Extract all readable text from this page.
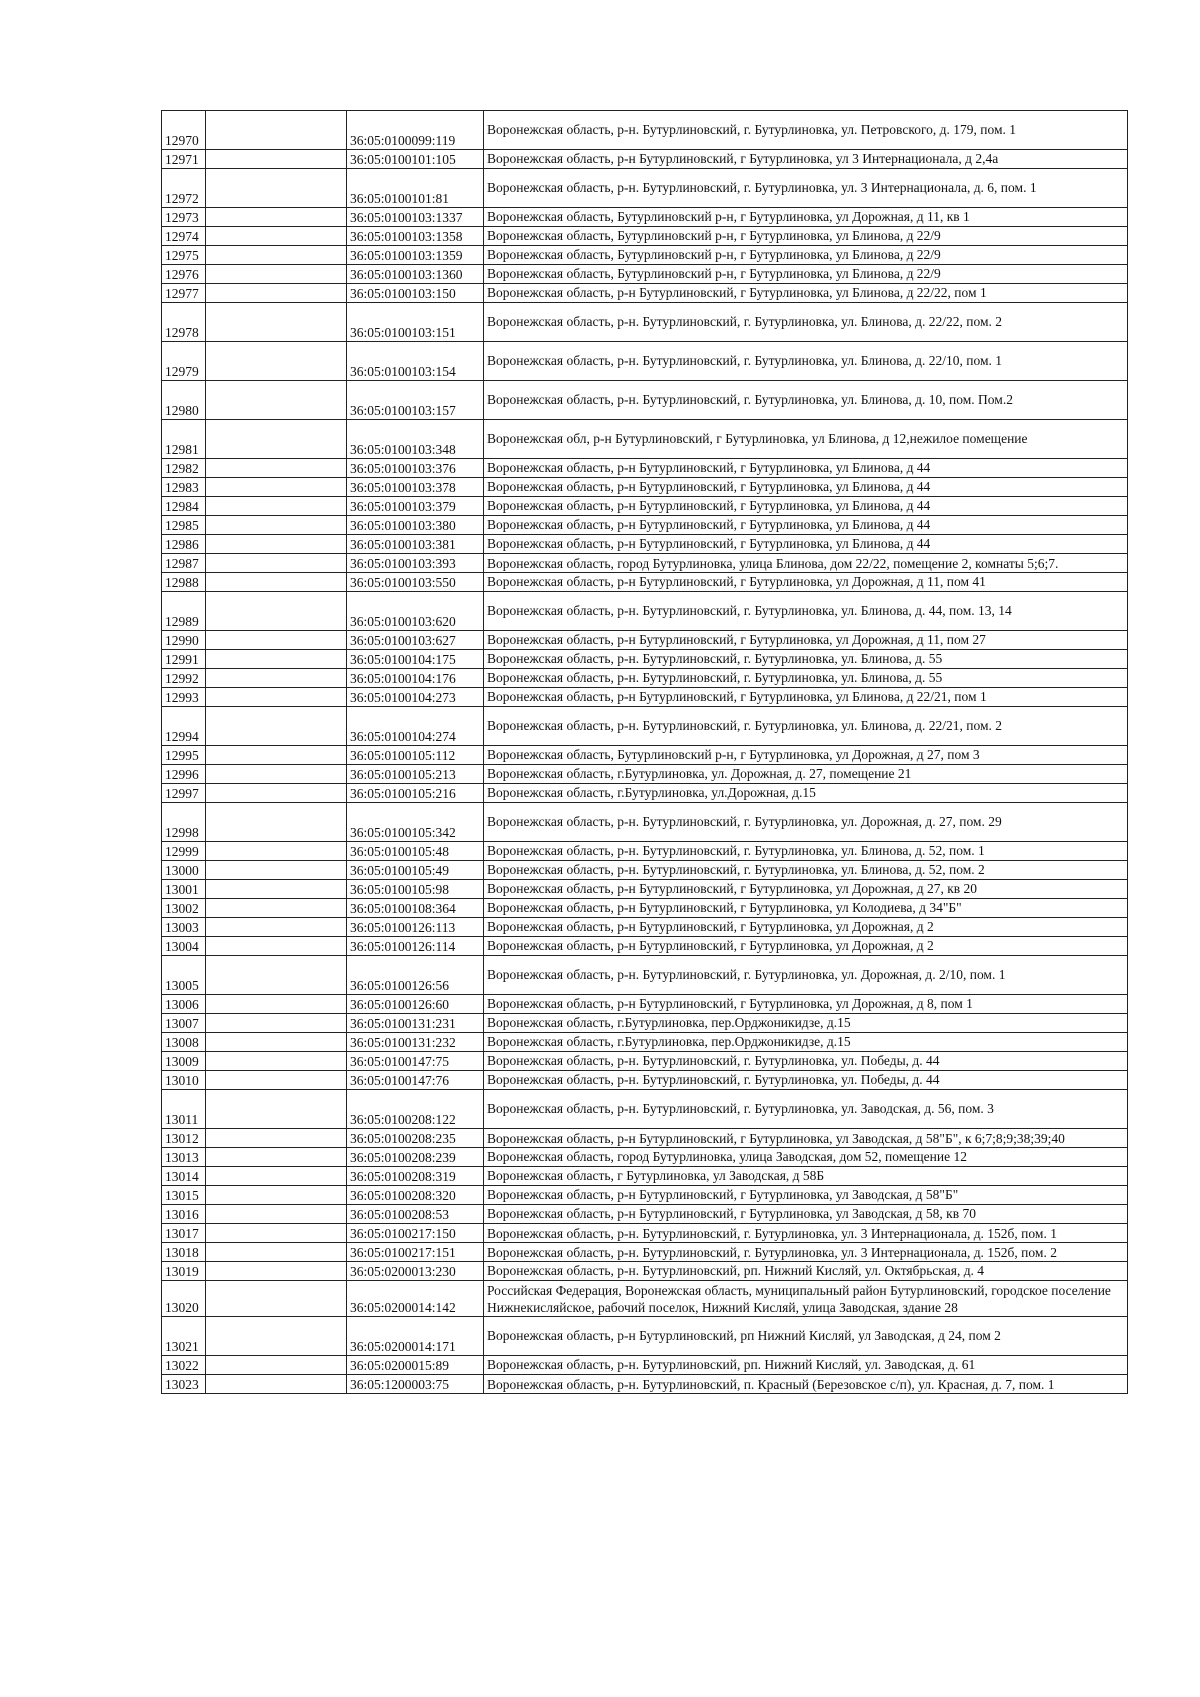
12970		36:05:0100099:119	Воронежская область, р-н. Бутурлиновский, г. Бутурлиновка, ул. Петровского, д. 179, пом. 1
12971		36:05:0100101:105	Воронежская область, р-н Бутурлиновский, г Бутурлиновка, ул 3 Интернационала, д 2,4а
12972		36:05:0100101:81	Воронежская область, р-н. Бутурлиновский, г. Бутурлиновка, ул. 3 Интернационала, д. 6, пом. 1
12973		36:05:0100103:1337	Воронежская область, Бутурлиновский р-н, г Бутурлиновка, ул Дорожная, д 11, кв 1
12974		36:05:0100103:1358	Воронежская область, Бутурлиновский р-н, г Бутурлиновка, ул Блинова, д 22/9
12975		36:05:0100103:1359	Воронежская область, Бутурлиновский р-н, г Бутурлиновка, ул Блинова, д 22/9
12976		36:05:0100103:1360	Воронежская область, Бутурлиновский р-н, г Бутурлиновка, ул Блинова, д 22/9
12977		36:05:0100103:150	Воронежская область, р-н Бутурлиновский, г Бутурлиновка, ул Блинова, д 22/22, пом 1
12978		36:05:0100103:151	Воронежская область, р-н. Бутурлиновский, г. Бутурлиновка, ул. Блинова, д. 22/22, пом. 2
12979		36:05:0100103:154	Воронежская область, р-н. Бутурлиновский, г. Бутурлиновка, ул. Блинова, д. 22/10, пом. 1
12980		36:05:0100103:157	Воронежская область, р-н. Бутурлиновский, г. Бутурлиновка, ул. Блинова, д. 10, пом. Пом.2
12981		36:05:0100103:348	Воронежская обл, р-н Бутурлиновский, г Бутурлиновка, ул Блинова, д 12,нежилое помещение
12982		36:05:0100103:376	Воронежская область, р-н Бутурлиновский, г Бутурлиновка, ул Блинова, д 44
12983		36:05:0100103:378	Воронежская область, р-н Бутурлиновский, г Бутурлиновка, ул Блинова, д 44
12984		36:05:0100103:379	Воронежская область, р-н Бутурлиновский, г Бутурлиновка, ул Блинова, д 44
12985		36:05:0100103:380	Воронежская область, р-н Бутурлиновский, г Бутурлиновка, ул Блинова, д 44
12986		36:05:0100103:381	Воронежская область, р-н Бутурлиновский, г Бутурлиновка, ул Блинова, д 44
12987		36:05:0100103:393	Воронежская область, город Бутурлиновка, улица Блинова, дом 22/22, помещение 2, комнаты 5;6;7.
12988		36:05:0100103:550	Воронежская область, р-н Бутурлиновский, г Бутурлиновка, ул Дорожная, д 11, пом 41
12989		36:05:0100103:620	Воронежская область, р-н. Бутурлиновский, г. Бутурлиновка, ул. Блинова, д. 44, пом. 13, 14
12990		36:05:0100103:627	Воронежская область, р-н Бутурлиновский, г Бутурлиновка, ул Дорожная, д 11, пом 27
12991		36:05:0100104:175	Воронежская область, р-н. Бутурлиновский, г. Бутурлиновка, ул. Блинова, д. 55
12992		36:05:0100104:176	Воронежская область, р-н. Бутурлиновский, г. Бутурлиновка, ул. Блинова, д. 55
12993		36:05:0100104:273	Воронежская область, р-н Бутурлиновский, г Бутурлиновка, ул Блинова, д 22/21, пом 1
12994		36:05:0100104:274	Воронежская область, р-н. Бутурлиновский, г. Бутурлиновка, ул. Блинова, д. 22/21, пом. 2
12995		36:05:0100105:112	Воронежская область, Бутурлиновский р-н, г Бутурлиновка, ул Дорожная, д 27, пом 3
12996		36:05:0100105:213	Воронежская область, г.Бутурлиновка, ул. Дорожная, д. 27, помещение 21
12997		36:05:0100105:216	Воронежская область, г.Бутурлиновка, ул.Дорожная, д.15
12998		36:05:0100105:342	Воронежская область, р-н. Бутурлиновский, г. Бутурлиновка, ул. Дорожная, д. 27, пом. 29
12999		36:05:0100105:48	Воронежская область, р-н. Бутурлиновский, г. Бутурлиновка, ул. Блинова, д. 52, пом. 1
13000		36:05:0100105:49	Воронежская область, р-н. Бутурлиновский, г. Бутурлиновка, ул. Блинова, д. 52, пом. 2
13001		36:05:0100105:98	Воронежская область, р-н Бутурлиновский, г Бутурлиновка, ул Дорожная, д 27, кв 20
13002		36:05:0100108:364	Воронежская область, р-н Бутурлиновский, г Бутурлиновка, ул Колодиева, д 34"Б"
13003		36:05:0100126:113	Воронежская область, р-н Бутурлиновский, г Бутурлиновка, ул Дорожная, д 2
13004		36:05:0100126:114	Воронежская область, р-н Бутурлиновский, г Бутурлиновка, ул Дорожная, д 2
13005		36:05:0100126:56	Воронежская область, р-н. Бутурлиновский, г. Бутурлиновка, ул. Дорожная, д. 2/10, пом. 1
13006		36:05:0100126:60	Воронежская область, р-н Бутурлиновский, г Бутурлиновка, ул Дорожная, д 8, пом 1
13007		36:05:0100131:231	Воронежская область, г.Бутурлиновка, пер.Орджоникидзе, д.15
13008		36:05:0100131:232	Воронежская область, г.Бутурлиновка, пер.Орджоникидзе, д.15
13009		36:05:0100147:75	Воронежская область, р-н. Бутурлиновский, г. Бутурлиновка, ул. Победы, д. 44
13010		36:05:0100147:76	Воронежская область, р-н. Бутурлиновский, г. Бутурлиновка, ул. Победы, д. 44
13011		36:05:0100208:122	Воронежская область, р-н. Бутурлиновский, г. Бутурлиновка, ул. Заводская, д. 56, пом. 3
13012		36:05:0100208:235	Воронежская область, р-н Бутурлиновский, г Бутурлиновка, ул Заводская, д 58"Б", к 6;7;8;9;38;39;40
13013		36:05:0100208:239	Воронежская область, город Бутурлиновка, улица Заводская, дом 52, помещение 12
13014		36:05:0100208:319	Воронежская область, г Бутурлиновка, ул Заводская, д 58Б
13015		36:05:0100208:320	Воронежская область, р-н Бутурлиновский, г Бутурлиновка, ул Заводская, д 58"Б"
13016		36:05:0100208:53	Воронежская область, р-н Бутурлиновский, г Бутурлиновка, ул Заводская, д 58, кв 70
13017		36:05:0100217:150	Воронежская область, р-н. Бутурлиновский, г. Бутурлиновка, ул. 3 Интернационала, д. 152б, пом. 1
13018		36:05:0100217:151	Воронежская область, р-н. Бутурлиновский, г. Бутурлиновка, ул. 3 Интернационала, д. 152б, пом. 2
13019		36:05:0200013:230	Воронежская область, р-н. Бутурлиновский, рп. Нижний Кисляй, ул. Октябрьская, д. 4
13020		36:05:0200014:142	Российская Федерация, Воронежская область, муниципальный район Бутурлиновский, городское поселение Нижнекисляйское, рабочий поселок, Нижний Кисляй, улица Заводская, здание 28
13021		36:05:0200014:171	Воронежская область, р-н Бутурлиновский, рп Нижний Кисляй, ул Заводская, д 24, пом 2
13022		36:05:0200015:89	Воронежская область, р-н. Бутурлиновский, рп. Нижний Кисляй, ул. Заводская, д. 61
13023		36:05:1200003:75	Воронежская область, р-н. Бутурлиновский, п. Красный (Березовское с/п), ул. Красная, д. 7, пом. 1
